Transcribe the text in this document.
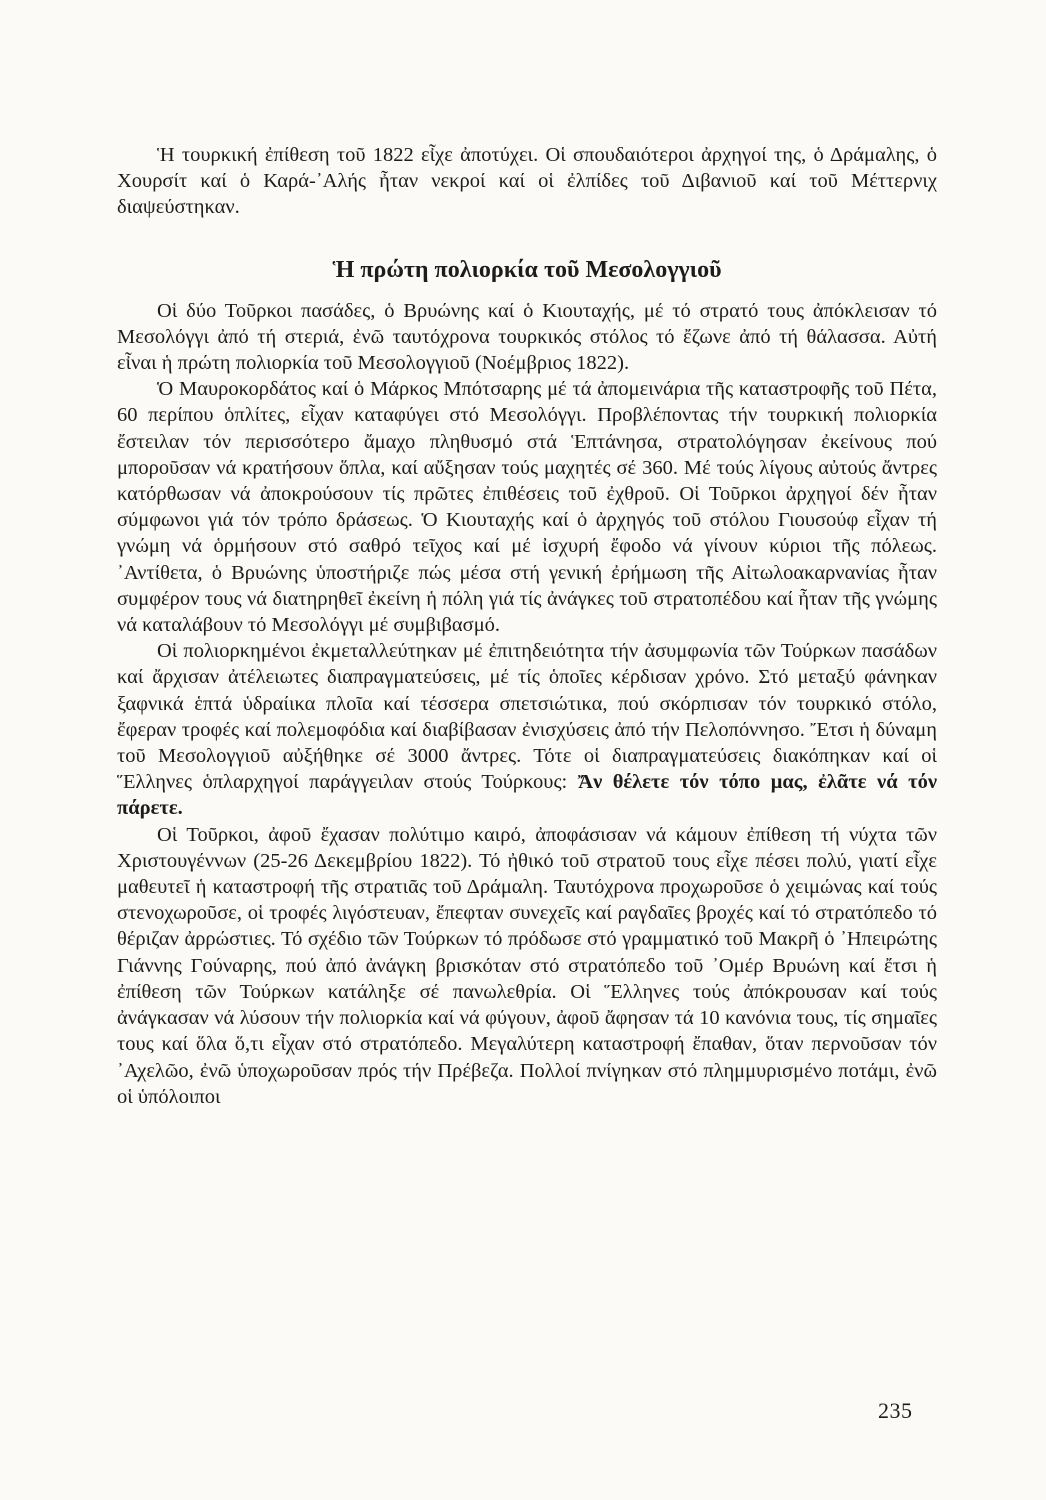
Ἡ τουρκική ἐπίθεση τοῦ 1822 εἶχε ἀποτύχει. Οἱ σπουδαιότεροι ἀρχηγοί της, ὁ Δράμαλης, ὁ Χουρσίτ καί ὁ Καρά-᾿Αλής ἦταν νεκροί καί οἱ ἐλπίδες τοῦ Διβανιοῦ καί τοῦ Μέττερνιχ διαψεύστηκαν.

Ἡ πρώτη πολιορκία τοῦ Μεσολογγιοῦ

Οἱ δύο Τοῦρκοι πασάδες, ὁ Βρυώνης καί ὁ Κιουταχής, μέ τό στρατό τους ἀπόκλεισαν τό Μεσολόγγι ἀπό τή στεριά, ἐνῶ ταυτόχρονα τουρκικός στόλος τό ἔζωνε ἀπό τή θάλασσα. Αὐτή εἶναι ἡ πρώτη πολιορκία τοῦ Μεσολογγιοῦ (Νοέμβριος 1822).

Ὁ Μαυροκορδάτος καί ὁ Μάρκος Μπότσαρης μέ τά ἀπομεινάρια τῆς καταστροφῆς τοῦ Πέτα, 60 περίπου ὁπλίτες, εἶχαν καταφύγει στό Μεσολόγγι. Προβλέποντας τήν τουρκική πολιορκία ἔστειλαν τόν περισσότερο ἄμαχο πληθυσμό στά Ἑπτάνησα, στρατολόγησαν ἐκείνους πού μποροῦσαν νά κρατήσουν ὅπλα, καί αὔξησαν τούς μαχητές σέ 360. Μέ τούς λίγους αὐτούς ἄντρες κατόρθωσαν νά ἀποκρούσουν τίς πρῶτες ἐπιθέσεις τοῦ ἐχθροῦ. Οἱ Τοῦρκοι ἀρχηγοί δέν ἦταν σύμφωνοι γιά τόν τρόπο δράσεως. Ὁ Κιουταχής καί ὁ ἀρχηγός τοῦ στόλου Γιουσούφ εἶχαν τή γνώμη νά ὁρμήσουν στό σαθρό τεῖχος καί μέ ἰσχυρή ἔφοδο νά γίνουν κύριοι τῆς πόλεως. ᾿Αντίθετα, ὁ Βρυώνης ὑποστήριζε πώς μέσα στή γενική ἐρήμωση τῆς Αἰτωλοακαρνανίας ἦταν συμφέρον τους νά διατηρηθεῖ ἐκείνη ἡ πόλη γιά τίς ἀνάγκες τοῦ στρατοπέδου καί ἦταν τῆς γνώμης νά καταλάβουν τό Μεσολόγγι μέ συμβιβασμό.

Οἱ πολιορκημένοι ἐκμεταλλεύτηκαν μέ ἐπιτηδειότητα τήν ἀσυμφωνία τῶν Τούρκων πασάδων καί ἄρχισαν ἀτέλειωτες διαπραγματεύσεις, μέ τίς ὁποῖες κέρδισαν χρόνο. Στό μεταξύ φάνηκαν ξαφνικά ἑπτά ὑδραίικα πλοῖα καί τέσσερα σπετσιώτικα, πού σκόρπισαν τόν τουρκικό στόλο, ἔφεραν τροφές καί πολεμοφόδια καί διαβίβασαν ἐνισχύσεις ἀπό τήν Πελοπόννησο. Ἔτσι ἡ δύναμη τοῦ Μεσολογγιοῦ αὐξήθηκε σέ 3000 ἄντρες. Τότε οἱ διαπραγματεύσεις διακόπηκαν καί οἱ Ἕλληνες ὁπλαρχηγοί παράγγειλαν στούς Τούρκους: Ἄν θέλετε τόν τόπο μας, ἐλᾶτε νά τόν πάρετε.

Οἱ Τοῦρκοι, ἀφοῦ ἔχασαν πολύτιμο καιρό, ἀποφάσισαν νά κάμουν ἐπίθεση τή νύχτα τῶν Χριστουγέννων (25-26 Δεκεμβρίου 1822). Τό ἠθικό τοῦ στρατοῦ τους εἶχε πέσει πολύ, γιατί εἶχε μαθευτεῖ ἡ καταστροφή τῆς στρατιᾶς τοῦ Δράμαλη. Ταυτόχρονα προχωροῦσε ὁ χειμώνας καί τούς στενοχωροῦσε, οἱ τροφές λιγόστευαν, ἔπεφταν συνεχεῖς καί ραγδαῖες βροχές καί τό στρατόπεδο τό θέριζαν ἀρρώστιες. Τό σχέδιο τῶν Τούρκων τό πρόδωσε στό γραμματικό τοῦ Μακρῆ ὁ ᾿Ηπειρώτης Γιάννης Γούναρης, πού ἀπό ἀνάγκη βρισκόταν στό στρατόπεδο τοῦ ᾿Ομέρ Βρυώνη καί ἔτσι ἡ ἐπίθεση τῶν Τούρκων κατάληξε σέ πανωλεθρία. Οἱ Ἕλληνες τούς ἀπόκρουσαν καί τούς ἀνάγκασαν νά λύσουν τήν πολιορκία καί νά φύγουν, ἀφοῦ ἄφησαν τά 10 κανόνια τους, τίς σημαῖες τους καί ὅλα ὅ,τι εἶχαν στό στρατόπεδο. Μεγαλύτερη καταστροφή ἔπαθαν, ὅταν περνοῦσαν τόν ᾿Αχελῶο, ἐνῶ ὑποχωροῦσαν πρός τήν Πρέβεζα. Πολλοί πνίγηκαν στό πλημμυρισμένο ποτάμι, ἐνῶ οἱ ὑπόλοιποι

235
